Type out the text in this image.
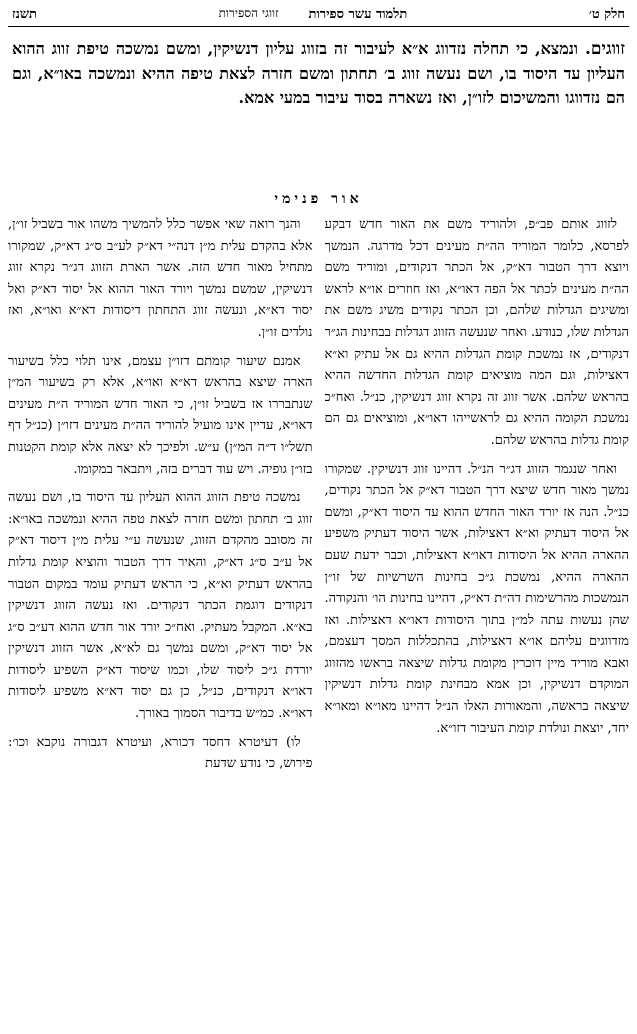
חלק ט׳
תלמוד עשר ספירות
זווגי הספירות
תשנז
זווגים. ונמצא, כי תחלה נזדווג א״א לעיבור זה בזווג עליון דנשיקין, ומשם נמשכה טיפת זווג ההוא העליון עד היסוד בו, ושם נעשה זווג ב׳ תחתון ומשם חזרה לצאת טיפה ההיא ונמשכה באו״א, וגם הם נזדווגו והמשיכום לזו״ן, ואז נשארה בסוד עיבור במעי אמא.
אור פנימי

לזווג אותם פב״פ, ולהוריד משם את האור חדש דבקע לפרסא, כלומר המוריד הה״ת מעינים דכל מדרגה. הנמשך ויוצא דרך הטבור דא״ק, אל הכתר דנקודים, ומוריד משם הה״ת מעינים לכתר אל הפה דאו״א, ואז חוזרים או״א לראש ומשיגים הגדלות שלהם, וכן הכתר נקודים משיג משם את הגדלות שלו, כנודע. ואחר שנעשה הזווג דגדלות בבחינות הג״ר דנקודים, אז נמשכת קומת הגדלות ההיא גם אל עתיק וא״א דאצילות, וגם המה מוציאים קומת הגדלות החדשה ההיא בהראש שלהם. אשר זווג זה נקרא זווג דנשיקין, כנ״ל. ואח״כ נמשכת הקומה ההיא גם לראשייהו דאו״א, ומוציאים גם הם קומת גדלות בהראש שלהם.

ואחר שנגמר הזווג דג״ר הנ״ל. דהיינו זווג דנשיקין. שמקורו נמשך מאור חדש שיצא דרך הטבור דא״ק אל הכתר נקודים, כנ״ל. הנה אז יורד האור החדש ההוא עד היסוד דא״ק, ומשם אל היסוד דעתיק וא״א דאצילות, אשר היסוד דעתיק משפיע ההארה ההיא אל היסודות דאו״א דאצילות, וכבר ידעת שעם ההארה ההיא, נמשכת ג״כ בחינות השרשיות של זו״ן הנמשכות מהרשימות דה״ת דא״ק, דהיינו בחינות הו׳ והנקודה. שהן נעשות עתה למ״ן בתוך היסודות דאו״א דאצילות. ואז מזדווגים עליהם או״א דאצילות, בהתכללות המסך דעצמם, ואבא מוריד מיין דוכרין מקומת גדלות שיצאה בראשו מהזווג המוקדם דנשיקין, וכן אמא מבחינת קומת גדלות דנשיקין שיצאה בראשה, והמאורות האלו הנ״ל דהיינו מאו״א ומאו״א יחד, יוצאת ונולדת קומת העיבור דזו״א.

והנך רואה שאי אפשר כלל להמשיך משהו אור בשביל זו״ן, אלא בהקדם עלית מ״ן דנה״י דא״ק לע״ב ס״ג דא״ק, שמקורו מתחיל מאור חדש הזה. אשר הארת הזווג דג״ר נקרא זווג דנשיקין, שמשם נמשך ויורד האור ההוא אל יסוד דא״ק ואל יסוד דא״א, ונעשה זווג התחתון דיסודות דא״א ואו״א, ואז נולדים זו״ן.

אמנם שיעור קומתם דזו״ן עצמם, אינו תלוי כלל בשיעור הארה שיצא בהראש דא״א ואו״א, אלא רק בשיעור המ״ן שנתבררו אז בשביל זו״ן, כי האור חדש המוריד ה״ת מעינים דאו״א, עדיין אינו מועיל להוריד הה״ת מעינים דזו״ן (כנ״ל דף תשל״ו ד״ה המ״ן) ע״ש. ולפיכך לא יצאה אלא קומת הקטנות בזו״ן גופיה. ויש עוד דברים בזה, ויתבאר במקומו.

נמשכה טיפת הזווג ההוא העליון עד היסוד בו, ושם נעשה זווג ב׳ תחתון ומשם חזרה לצאת טפה ההיא ונמשכה באו״א: זה מסובב מהקדם הזווג, שנעשה ע״י עלית מ״ן דיסוד דא״ק אל ע״ב ס״ג דא״ק, והאיר דרך הטבור והוציא קומת גדלות בהראש דעתיק וא״א, כי הראש דעתיק עומד במקום הטבור דנקודים דוגמת הכתר דנקודים. ואז נעשה הזווג דנשיקין בא״א. המקבל מעתיק. ואח״כ יורד אור חדש ההוא דע״ב ס״ג אל יסוד דא״ק, ומשם נמשך גם לא״א, אשר הזווג דנשיקין יורדת ג״כ ליסוד שלו, וכמו שיסוד דא״ק השפיע ליסודות דאו״א דנקודים, כנ״ל, כן גם יסוד דא״א משפיע ליסודות דאו״א. כמ״ש בדיבור הסמוך באורך.

לו) דעיטרא דחסד דכורא, ועיטרא דגבורה נוקבא וכו׳: פירוש, כי נודע שדעת
